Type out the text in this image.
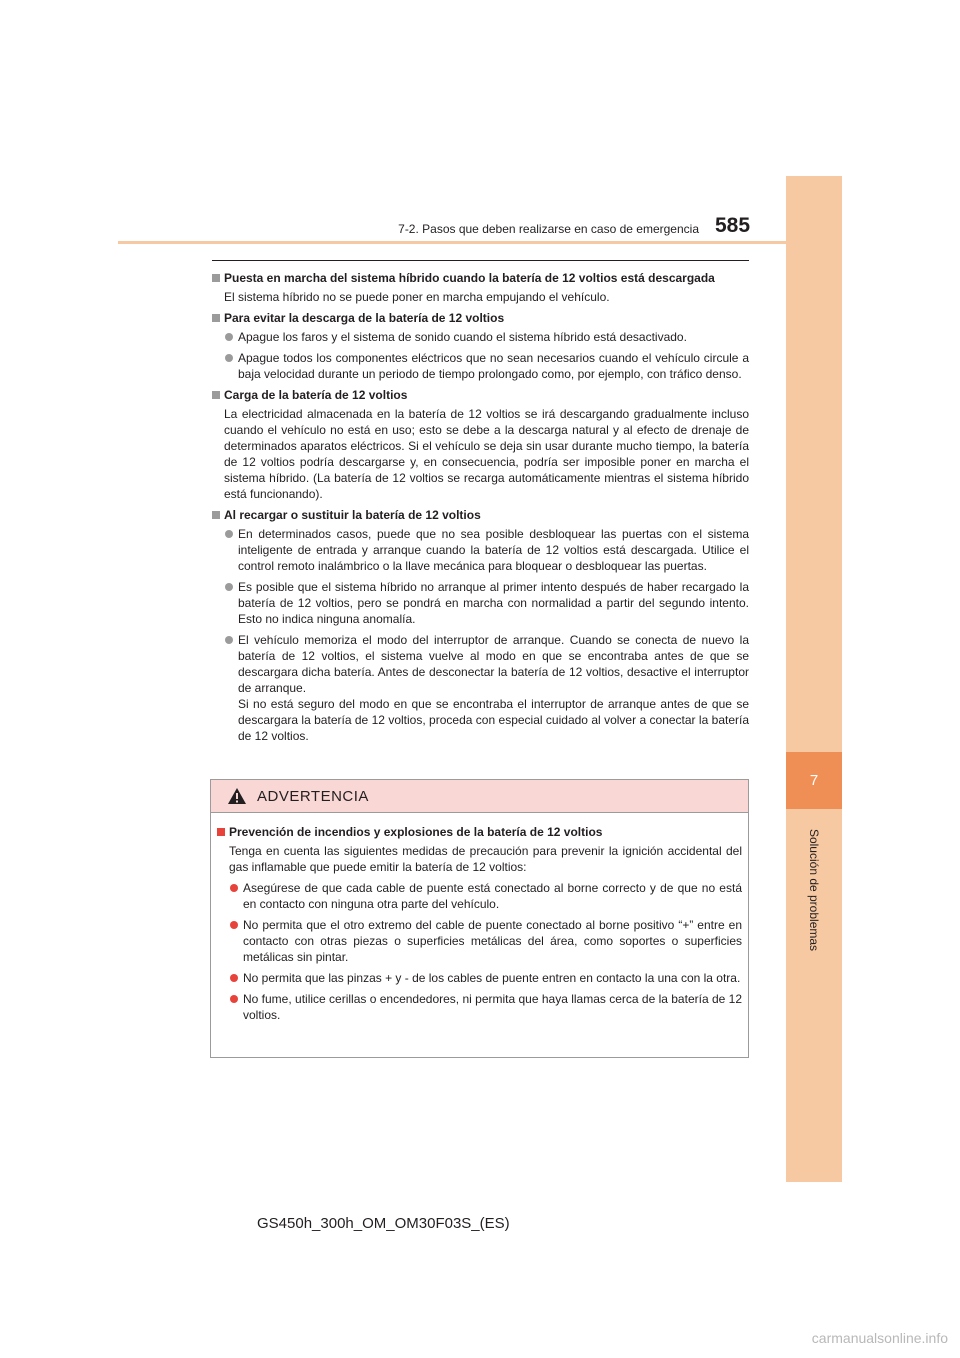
7
Solución de problemas
7-2. Pasos que deben realizarse en caso de emergencia 585
Puesta en marcha del sistema híbrido cuando la batería de 12 voltios está descargada
El sistema híbrido no se puede poner en marcha empujando el vehículo.
Para evitar la descarga de la batería de 12 voltios
Apague los faros y el sistema de sonido cuando el sistema híbrido está desactivado.
Apague todos los componentes eléctricos que no sean necesarios cuando el vehículo circule a baja velocidad durante un periodo de tiempo prolongado como, por ejemplo, con tráfico denso.
Carga de la batería de 12 voltios
La electricidad almacenada en la batería de 12 voltios se irá descargando gradualmente incluso cuando el vehículo no está en uso; esto se debe a la descarga natural y al efecto de drenaje de determinados aparatos eléctricos. Si el vehículo se deja sin usar durante mucho tiempo, la batería de 12 voltios podría descargarse y, en consecuencia, podría ser imposible poner en marcha el sistema híbrido. (La batería de 12 voltios se recarga automáticamente mientras el sistema híbrido está funcionando).
Al recargar o sustituir la batería de 12 voltios
En determinados casos, puede que no sea posible desbloquear las puertas con el sistema inteligente de entrada y arranque cuando la batería de 12 voltios está descargada. Utilice el control remoto inalámbrico o la llave mecánica para bloquear o desbloquear las puertas.
Es posible que el sistema híbrido no arranque al primer intento después de haber recargado la batería de 12 voltios, pero se pondrá en marcha con normalidad a partir del segundo intento. Esto no indica ninguna anomalía.
El vehículo memoriza el modo del interruptor de arranque. Cuando se conecta de nuevo la batería de 12 voltios, el sistema vuelve al modo en que se encontraba antes de que se descargara dicha batería. Antes de desconectar la batería de 12 voltios, desactive el interruptor de arranque.
Si no está seguro del modo en que se encontraba el interruptor de arranque antes de que se descargara la batería de 12 voltios, proceda con especial cuidado al volver a conectar la batería de 12 voltios.
ADVERTENCIA
Prevención de incendios y explosiones de la batería de 12 voltios
Tenga en cuenta las siguientes medidas de precaución para prevenir la ignición accidental del gas inflamable que puede emitir la batería de 12 voltios:
Asegúrese de que cada cable de puente está conectado al borne correcto y de que no está en contacto con ninguna otra parte del vehículo.
No permita que el otro extremo del cable de puente conectado al borne positivo “+” entre en contacto con otras piezas o superficies metálicas del área, como soportes o superficies metálicas sin pintar.
No permita que las pinzas + y - de los cables de puente entren en contacto la una con la otra.
No fume, utilice cerillas o encendedores, ni permita que haya llamas cerca de la batería de 12 voltios.
GS450h_300h_OM_OM30F03S_(ES)
carmanualsonline.info
